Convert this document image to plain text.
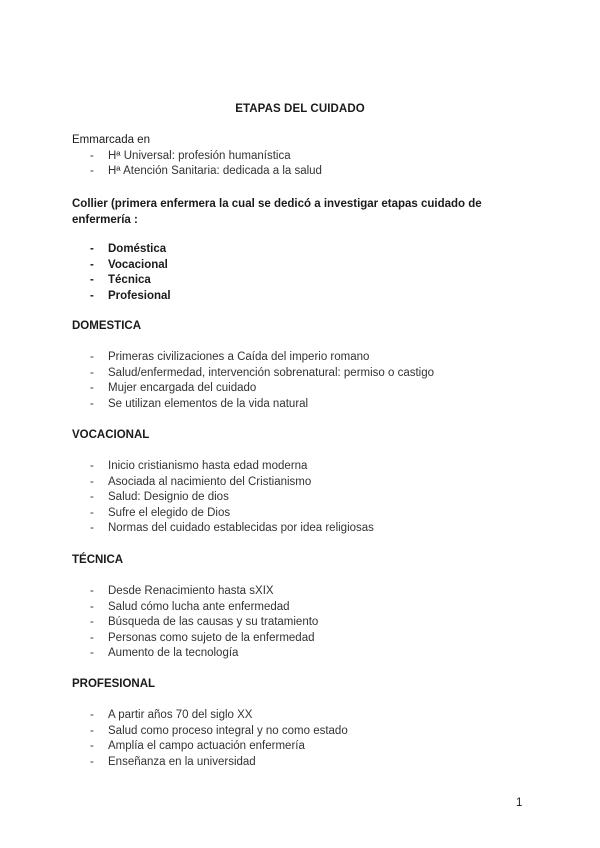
ETAPAS DEL CUIDADO
Emmarcada en
- Hª Universal: profesión humanística
- Hª Atención Sanitaria: dedicada a la salud
Collier (primera enfermera la cual se dedicó a investigar etapas cuidado de enfermería :
- Doméstica
- Vocacional
- Técnica
- Profesional
DOMESTICA
- Primeras civilizaciones a Caída del imperio romano
- Salud/enfermedad, intervención sobrenatural: permiso o castigo
- Mujer encargada del cuidado
- Se utilizan elementos de la vida natural
VOCACIONAL
- Inicio cristianismo hasta edad moderna
- Asociada al nacimiento del Cristianismo
- Salud: Designio de dios
- Sufre el elegido de Dios
- Normas del cuidado establecidas por idea religiosas
TÉCNICA
- Desde Renacimiento hasta sXIX
- Salud cómo lucha ante enfermedad
- Búsqueda de las causas y su tratamiento
- Personas como sujeto de la enfermedad
- Aumento de la tecnología
PROFESIONAL
- A partir años 70 del siglo XX
- Salud como proceso integral y no como estado
- Amplía el campo actuación enfermería
- Enseñanza en la universidad
1
